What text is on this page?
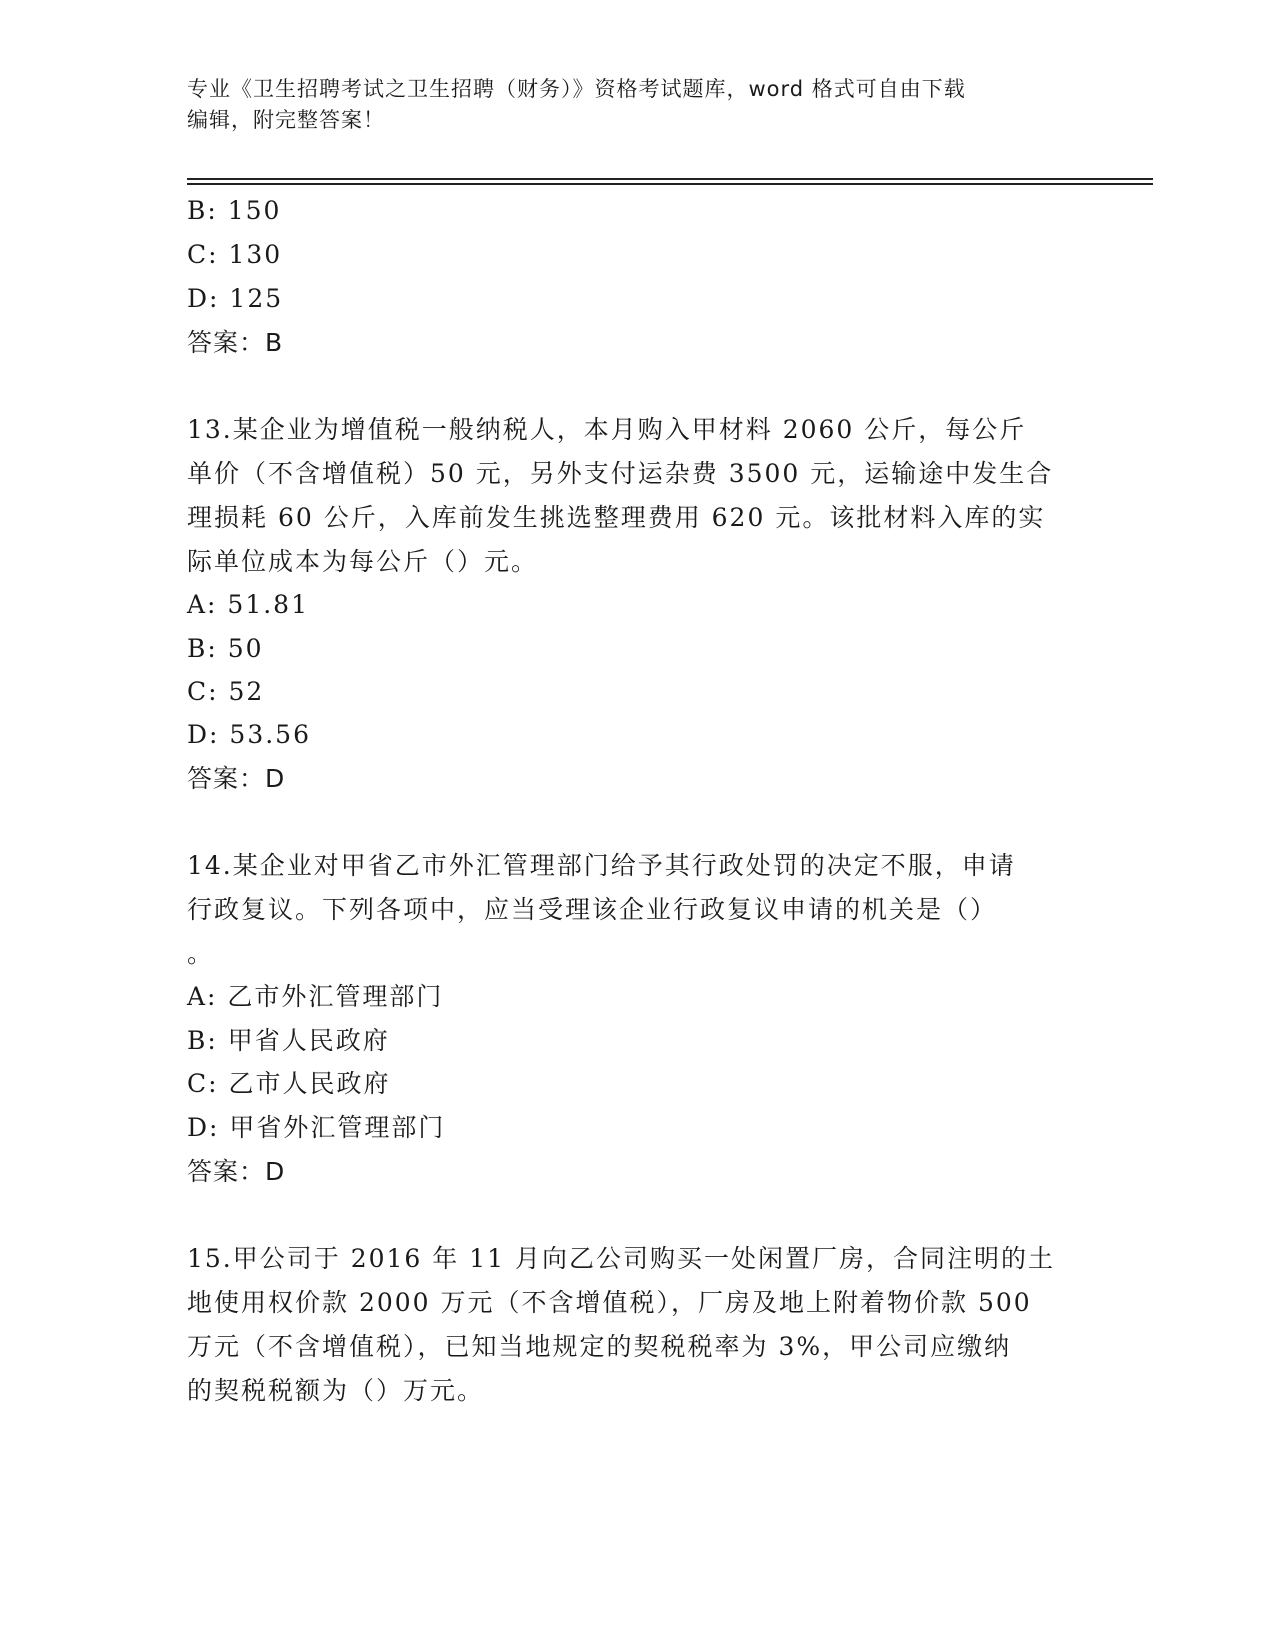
专业《卫生招聘考试之卫生招聘（财务）》资格考试题库，word 格式可自由下载
编辑，附完整答案！
B: 150
C: 130
D: 125
答案：B
13.某企业为增值税一般纳税人，本月购入甲材料 2060 公斤，每公斤
单价（不含增值税）50 元，另外支付运杂费 3500 元，运输途中发生合
理损耗 60 公斤，入库前发生挑选整理费用 620 元。该批材料入库的实
际单位成本为每公斤（）元。
A: 51.81
B: 50
C: 52
D: 53.56
答案：D
14.某企业对甲省乙市外汇管理部门给予其行政处罚的决定不服，申请
行政复议。下列各项中，应当受理该企业行政复议申请的机关是（）
。
A: 乙市外汇管理部门
B: 甲省人民政府
C: 乙市人民政府
D: 甲省外汇管理部门
答案：D
15.甲公司于 2016 年 11 月向乙公司购买一处闲置厂房，合同注明的土
地使用权价款 2000 万元（不含增值税），厂房及地上附着物价款 500
万元（不含增值税），已知当地规定的契税税率为 3%，甲公司应缴纳
的契税税额为（）万元。
